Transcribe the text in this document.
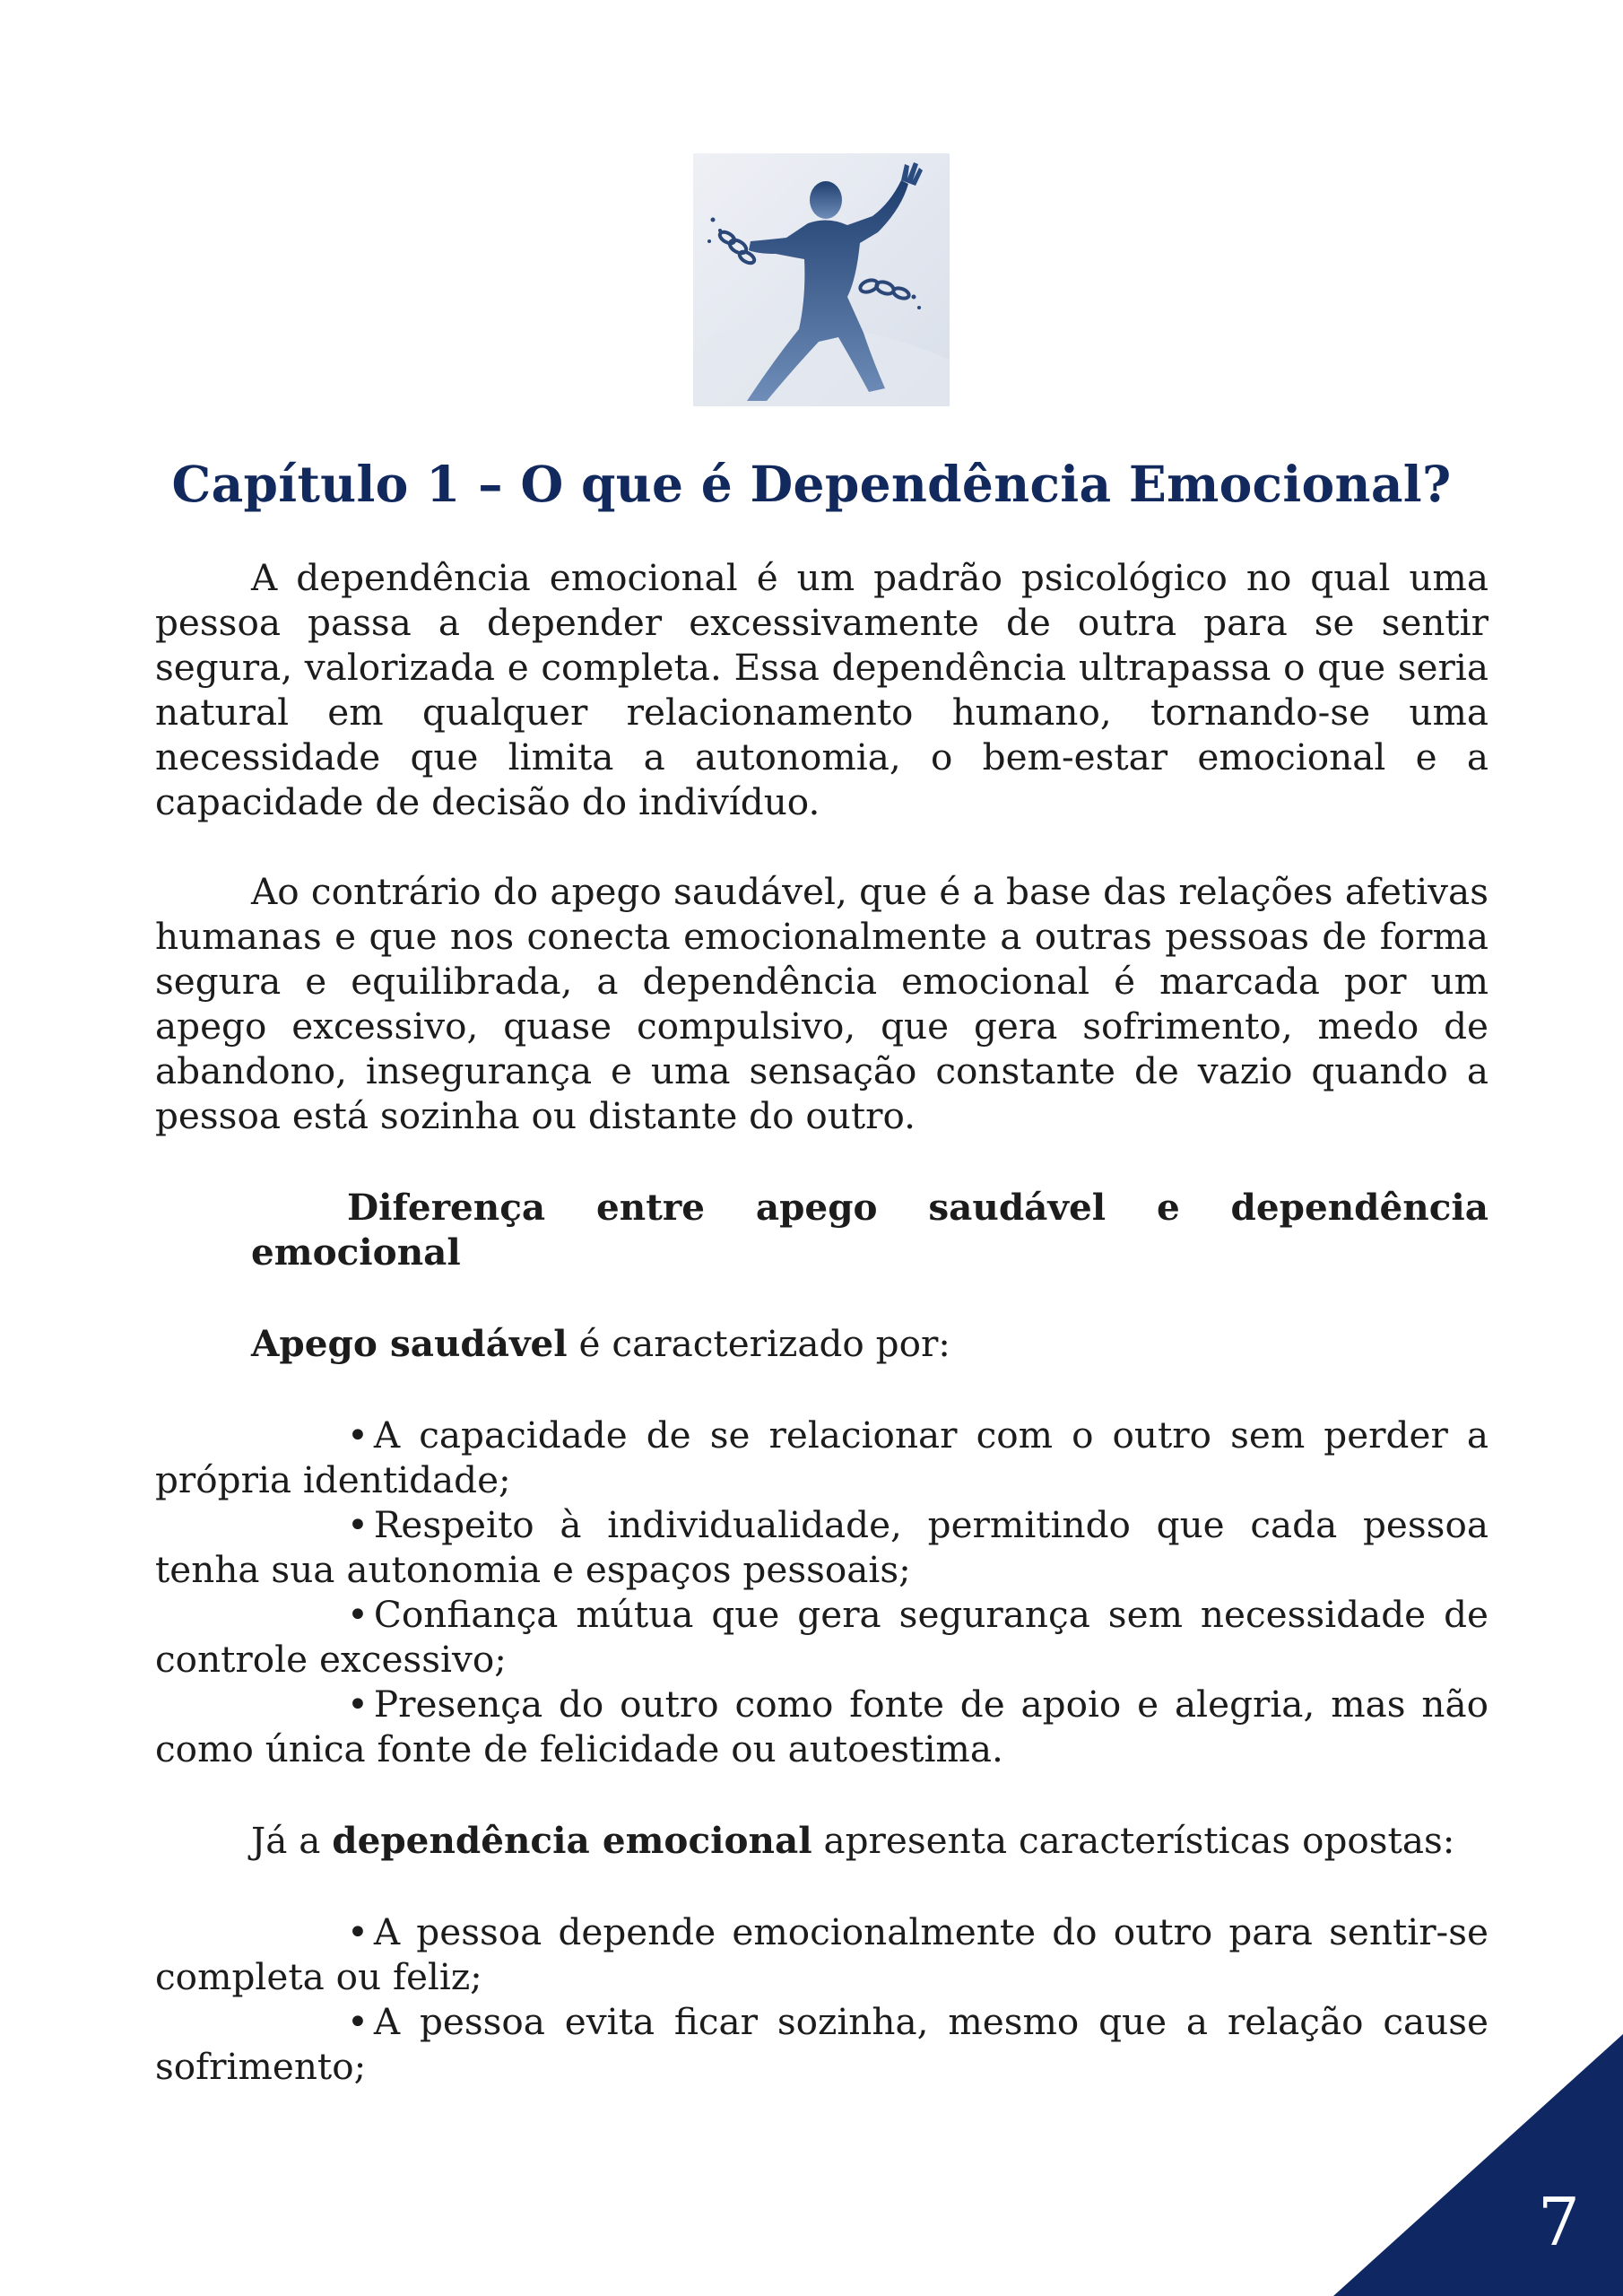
Capítulo 1 – O que é Dependência Emocional?

A dependência emocional é um padrão psicológico no qual uma pessoa passa a depender excessivamente de outra para se sentir segura, valorizada e completa. Essa dependência ultrapassa o que seria natural em qualquer relacionamento humano, tornando-se uma necessidade que limita a autonomia, o bem-estar emocional e a capacidade de decisão do indivíduo.

Ao contrário do apego saudável, que é a base das relações afetivas humanas e que nos conecta emocionalmente a outras pessoas de forma segura e equilibrada, a dependência emocional é marcada por um apego excessivo, quase compulsivo, que gera sofrimento, medo de abandono, insegurança e uma sensação constante de vazio quando a pessoa está sozinha ou distante do outro.

Diferença entre apego saudável e dependência emocional

Apego saudável é caracterizado por:

• A capacidade de se relacionar com o outro sem perder a própria identidade;

• Respeito à individualidade, permitindo que cada pessoa tenha sua autonomia e espaços pessoais;

• Confiança mútua que gera segurança sem necessidade de controle excessivo;

• Presença do outro como fonte de apoio e alegria, mas não como única fonte de felicidade ou autoestima.

Já a dependência emocional apresenta características opostas:

• A pessoa depende emocionalmente do outro para sentir-se completa ou feliz;

• A pessoa evita ficar sozinha, mesmo que a relação cause sofrimento;

7
